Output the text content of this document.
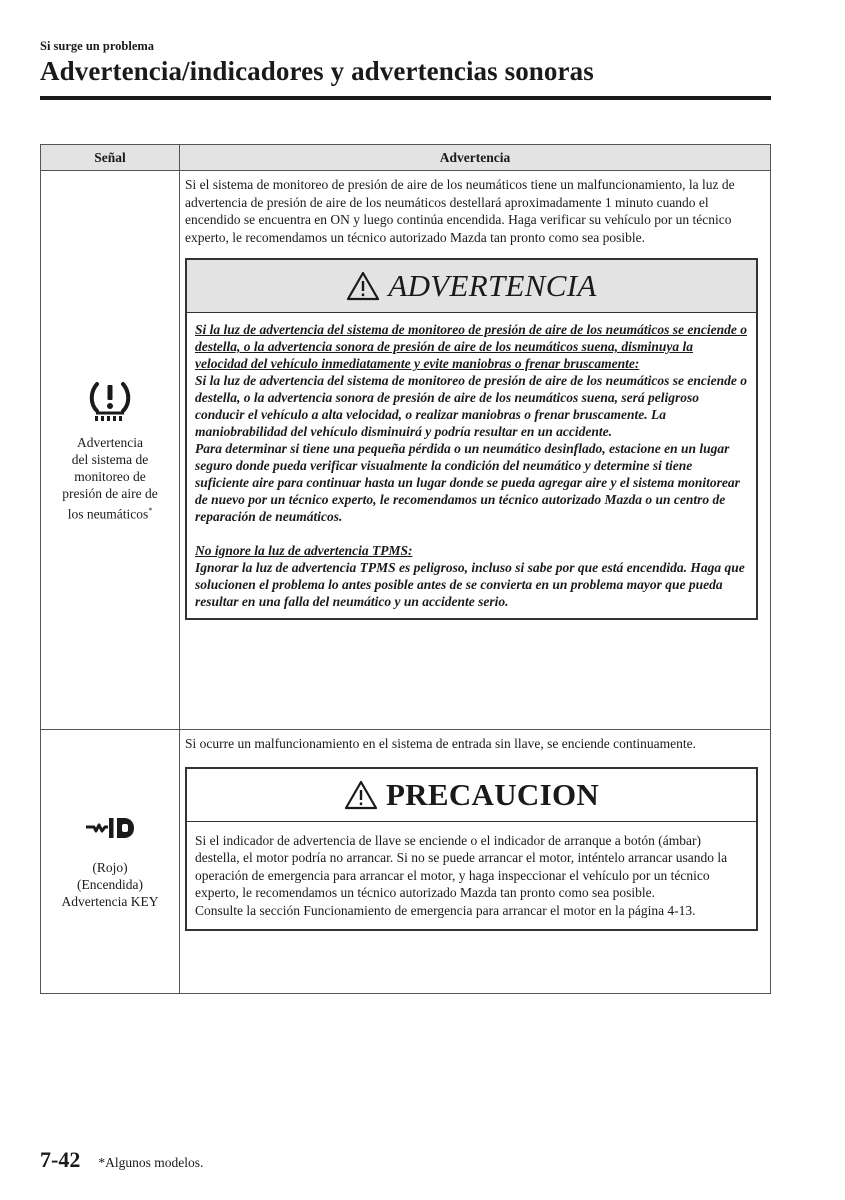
Si surge un problema
Advertencia/indicadores y advertencias sonoras
Señal	Advertencia
Advertencia
del sistema de
monitoreo de
presión de aire de
los neumáticos*

Si el sistema de monitoreo de presión de aire de los neumáticos tiene un malfuncionamiento, la luz de advertencia de presión de aire de los neumáticos destellará aproximadamente 1 minuto cuando el encendido se encuentra en ON y luego continúa encendida. Haga verificar su vehículo por un técnico experto, le recomendamos un técnico autorizado Mazda tan pronto como sea posible.

ADVERTENCIA

Si la luz de advertencia del sistema de monitoreo de presión de aire de los neumáticos se enciende o destella, o la advertencia sonora de presión de aire de los neumáticos suena, disminuya la velocidad del vehículo inmediatamente y evite maniobras o frenar bruscamente:

Si la luz de advertencia del sistema de monitoreo de presión de aire de los neumáticos se enciende o destella, o la advertencia sonora de presión de aire de los neumáticos suena, será peligroso conducir el vehículo a alta velocidad, o realizar maniobras o frenar bruscamente. La maniobrabilidad del vehículo disminuirá y podría resultar en un accidente.

Para determinar si tiene una pequeña pérdida o un neumático desinflado, estacione en un lugar seguro donde pueda verificar visualmente la condición del neumático y determine si tiene suficiente aire para continuar hasta un lugar donde se pueda agregar aire y el sistema monitorear de nuevo por un técnico experto, le recomendamos un técnico autorizado Mazda o un centro de reparación de neumáticos.

No ignore la luz de advertencia TPMS:

Ignorar la luz de advertencia TPMS es peligroso, incluso si sabe por que está encendida. Haga que solucionen el problema lo antes posible antes de se convierta en un problema mayor que pueda resultar en una falla del neumático y un accidente serio.

(Rojo)
(Encendida)
Advertencia KEY

Si ocurre un malfuncionamiento en el sistema de entrada sin llave, se enciende continuamente.

PRECAUCION

Si el indicador de advertencia de llave se enciende o el indicador de arranque a botón (ámbar) destella, el motor podría no arrancar. Si no se puede arrancar el motor, inténtelo arrancar usando la operación de emergencia para arrancar el motor, y haga inspeccionar el vehículo por un técnico experto, le recomendamos un técnico autorizado Mazda tan pronto como sea posible.

Consulte la sección Funcionamiento de emergencia para arrancar el motor en la página 4-13.

7-42 *Algunos modelos.
